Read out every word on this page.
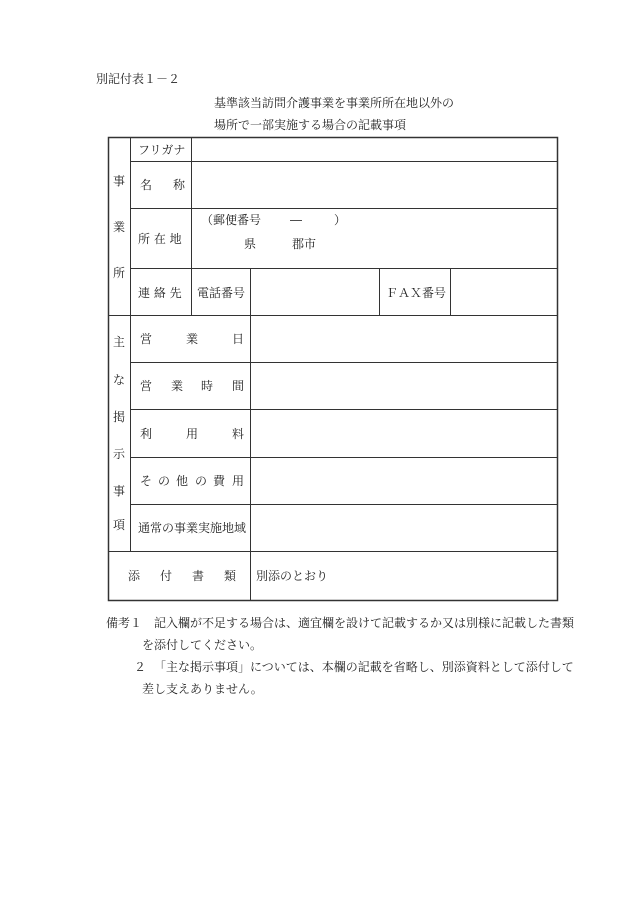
別記付表１－２
基準該当訪問介護事業を事業所所在地以外の
場所で一部実施する場合の記載事項
事
業
所
フリガナ
名 称
所 在 地
（郵便番号 ―	）
県	郡市
連 絡 先 電話番号	ＦＡＸ番号
主
な
掲
示
事
項
営	業	日
営 業 時 間
利	用	料
そ の 他 の 費 用
通常の事業実施地域
添 付 書 類 別添のとおり
備考１ 記入欄が不足する場合は、適宜欄を設けて記載するか又は別様に記載した書類
を添付してください。
２ 「主な掲示事項」については、本欄の記載を省略し、別添資料として添付して
差し支えありません。
